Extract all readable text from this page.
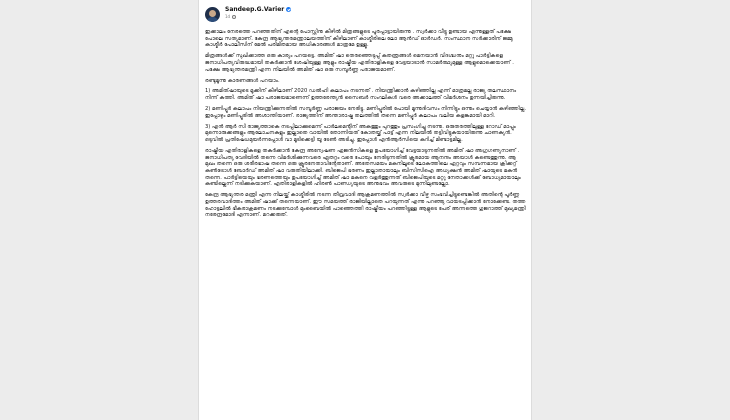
Sandeep.G.Varier
1d

ഇക്കാലം നേരത്തെ പറഞ്ഞതിന് എന്റെ പോസ്റ്റിനു കീഴിൽ മിത്രങ്ങളുടെ പൂരപ്പാട്ടായിരുന്നു . സ്വർക്കാ വീട്ടു ഉണ്ടായ എന്നുള്ളത് പക്ഷേ പോലെ സത്യമാണ്. കേന്ദ്ര ആഭ്യന്തരമന്ത്രാലയത്തിന് കീഴിലാണ് കാശ്മീരിലെ ലോ ആൻഡ് ഓർഡർ. സംസ്ഥാന സർക്കാരിന് ജമ്മു കാശ്മീർ പോലീസിന് മേൽ പരിമിതമായ അധികാരങ്ങൾ മാത്രമേ ഉള്ളൂ.

മിത്രങ്ങൾക്ക് സുഖിക്കാത്ത ഒരു കാര്യം പറയട്ടെ. അമിത് ഷാ തെരഞ്ഞെടുപ്പ് കുതന്ത്രങ്ങൾ മെനയാൻ വിദഗ്ദ്ധനും മറ്റു പാർട്ടികളെ ജനാധിപത്യവിരുദ്ധമായി തകർക്കാൻ ശേഷിയുള്ള ആളും രാഷ്ട്രീയ എതിരാളികളെ വേട്ടയാടാൻ സാമർത്ഥ്യമുള്ള ആളുമൊക്കെയാണ് . പക്ഷേ ആഭ്യന്തരമന്ത്രി എന്ന നിലയിൽ അമിത് ഷാ ഒരു സമ്പൂർണ്ണ പരാജയമാണ്.

രണ്ടുമൂന്നു കാരണങ്ങൾ പറയാം.

1) അമിത്ഷായുടെ മൂക്കിന് കീഴിലാണ് 2020 ഡൽഹി കലാപം നടന്നത് . നിയന്ത്രിക്കാൻ കഴിഞ്ഞില്ല എന്ന് മാത്രമല്ല രാജ്യ തലസ്ഥാനം നിന്ന് കത്തി. അമിത് ഷാ പരാജയമാണെന്ന് ഉത്തരേന്ത്യൻ സൈബർ സംഘികൾ വരെ അക്കാലത്ത് വിമർശനം ഉന്നയിച്ചിരുന്നു.

2) മണിപ്പൂർ കലാപം നിയന്ത്രിക്കുന്നതിൽ സമ്പൂർണ്ണ പരാജയം നേരിട്ടു. മണിപ്പൂരിൽ പോയി മൂന്നുദിവസം നിന്നിട്ടും ഒന്നും ചെയ്യാൻ കഴിഞ്ഞില്ല. ഇപ്പോഴും മണിപ്പൂരിൽ അശാന്തിയാണ്. രാജ്യത്തിന് അന്താരാഷ്ട്ര തലത്തിൽ തന്നെ മണിപ്പൂർ കലാപം വലിയ കളങ്കമായി മാറി.

3) എൻ ആർ സി രാജ്യത്താകെ നടപ്പിലാക്കുമെന്ന് പാർലമെന്റിന് അകത്തും പുറത്തും പ്രസംഗിച്ചു നടന്നു. ഒരുതരത്തിലുള്ള റോഡ് മാപ്പും മുന്നൊരുക്കങ്ങളും ആലോചനകളും ഇല്ലാതെ വായിൽ തോന്നിയത് കോതയ്ക്ക് പാട്ട് എന്ന നിലയിൽ തട്ടിവിട്ടുകയായിരുന്നു ചാണക്യൻ. ഒടുവിൽ പ്രതിഷേധമുയർന്നപ്പോൾ വാ മൂടിക്കെട്ടി യൂ ടേൺ അടിച്ചു. ഇപ്പോൾ എൻആർസിയെ കുറിച്ച് മിണ്ടാട്ടമില്ല.

രാഷ്ട്രീയ എതിരാളികളെ തകർക്കാൻ കേന്ദ്ര അന്വേഷണ ഏജൻസികളെ ഉപയോഗിച്ച് വേട്ടയാടുന്നതിൽ അമിത് ഷാ അഗ്രഗണ്യനാണ് . ജനാധിപത്യ വേദിയിൽ തന്നെ വിമർശിക്കുന്നവരെ ഏതറ്റം വരെ പോയും നേരിടുന്നതിൽ ക്രൂരമായ ആനന്ദം അയാൾ കണ്ടെത്തുന്നു. ആ മുഖം തന്നെ ഒരു ശരീരഭാഷ തന്നെ ഒരു ക്രൂരനേതാവിന്റേതാണ്. അതേസമയം മകനിലൂടെ ലോകത്തിലെ ഏറ്റവും സമ്പന്നമായ ക്രിക്കറ്റ് കൺട്രോൾ ബോർഡ് അമിത് ഷാ വരുതിയിലാക്കി. ബിജെപി ഭരണം ഇല്ലാതായാലും ബിസിസിഐ അധ്യക്ഷൻ അമിത് ഷായുടെ മകൻ തന്നെ. പാർട്ടിയെയും ഭരണത്തെയും ഉപയോഗിച്ച് അമിത് ഷാ മകനെ വളർത്തുന്നത് ബിജെപിയുടെ മറ്റു നേതാക്കൾക്ക് ബോധ്യമായാലും കണ്ടില്ലെന്ന് നടിക്കുകയാണ്. എതിരാളികളിൽ ഹിരൺ പാണ്ഡ്യയുടെ അനുഭവം അവരുടെ മുന്നിലുണ്ടല്ലോ.

കേന്ദ്ര ആഭ്യന്തര മന്ത്രി എന്ന നിലയ്ക്ക് കാശ്മീരിൽ നടന്ന തീവ്രവാദി ആക്രമണത്തിൽ സ്വർക്കാ വീഴ്ച സംഭവിച്ചിട്ടുണ്ടെങ്കിൽ അതിന്റെ പൂർണ്ണ ഉത്തരവാദിത്തം അമിത് ഷാക്ക് തന്നെയാണ്. ഈ സമയത്ത് രാജിയില്ലാതെ പറയുന്നത് എന്നു പറഞ്ഞു വായടപ്പിക്കാൻ നോക്കേണ്ട. തത്ത ഹോട്ടലിൽ ഭീകരാക്രമണം നടക്കുമ്പോൾ മുംബൈയിൽ പാഞ്ഞെത്തി രാഷ്ട്രീയം പറഞ്ഞിട്ടുള്ള ആളുടെ പേര് അന്നത്തെ ഗുജറാത്ത് മുഖ്യമന്ത്രി നരേന്ദ്രമോദി എന്നാണ്. മറക്കരുത്.
